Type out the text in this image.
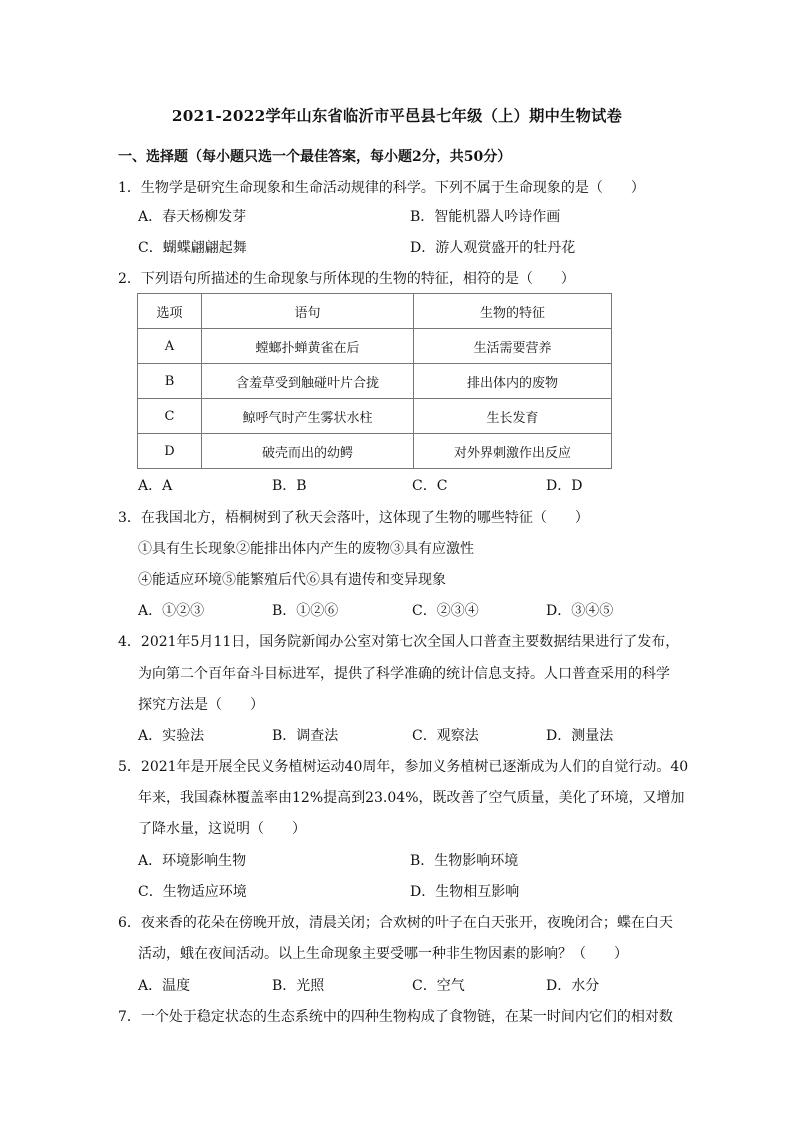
2021-2022学年山东省临沂市平邑县七年级（上）期中生物试卷
一、选择题（每小题只选一个最佳答案，每小题2分，共50分）
1．生物学是研究生命现象和生命活动规律的科学。下列不属于生命现象的是（　　）
A．春天杨柳发芽	B．智能机器人吟诗作画
C．蝴蝶翩翩起舞	D．游人观赏盛开的牡丹花
2．下列语句所描述的生命现象与所体现的生物的特征，相符的是（　　）
选项	语句	生物的特征
A	螳螂扑蝉黄雀在后	生活需要营养
B	含羞草受到触碰叶片合拢	排出体内的废物
C	鲸呼气时产生雾状水柱	生长发育
D	破壳而出的幼鳄	对外界刺激作出反应
A．A	B．B	C．C	D．D
3．在我国北方，梧桐树到了秋天会落叶，这体现了生物的哪些特征（　　）
①具有生长现象②能排出体内产生的废物③具有应激性
④能适应环境⑤能繁殖后代⑥具有遗传和变异现象
A．①②③	B．①②⑥	C．②③④	D．③④⑤
4．2021年5月11日，国务院新闻办公室对第七次全国人口普查主要数据结果进行了发布，
为向第二个百年奋斗目标进军，提供了科学准确的统计信息支持。人口普查采用的科学
探究方法是（　　）
A．实验法	B．调查法	C．观察法	D．测量法
5．2021年是开展全民义务植树运动40周年，参加义务植树已逐渐成为人们的自觉行动。40
年来，我国森林覆盖率由12%提高到23.04%，既改善了空气质量，美化了环境，又增加
了降水量，这说明（　　）
A．环境影响生物	B．生物影响环境
C．生物适应环境	D．生物相互影响
6．夜来香的花朵在傍晚开放，清晨关闭；合欢树的叶子在白天张开，夜晚闭合；蝶在白天
活动，蛾在夜间活动。以上生命现象主要受哪一种非生物因素的影响？（　　）
A．温度	B．光照	C．空气	D．水分
7．一个处于稳定状态的生态系统中的四种生物构成了食物链，在某一时间内它们的相对数
